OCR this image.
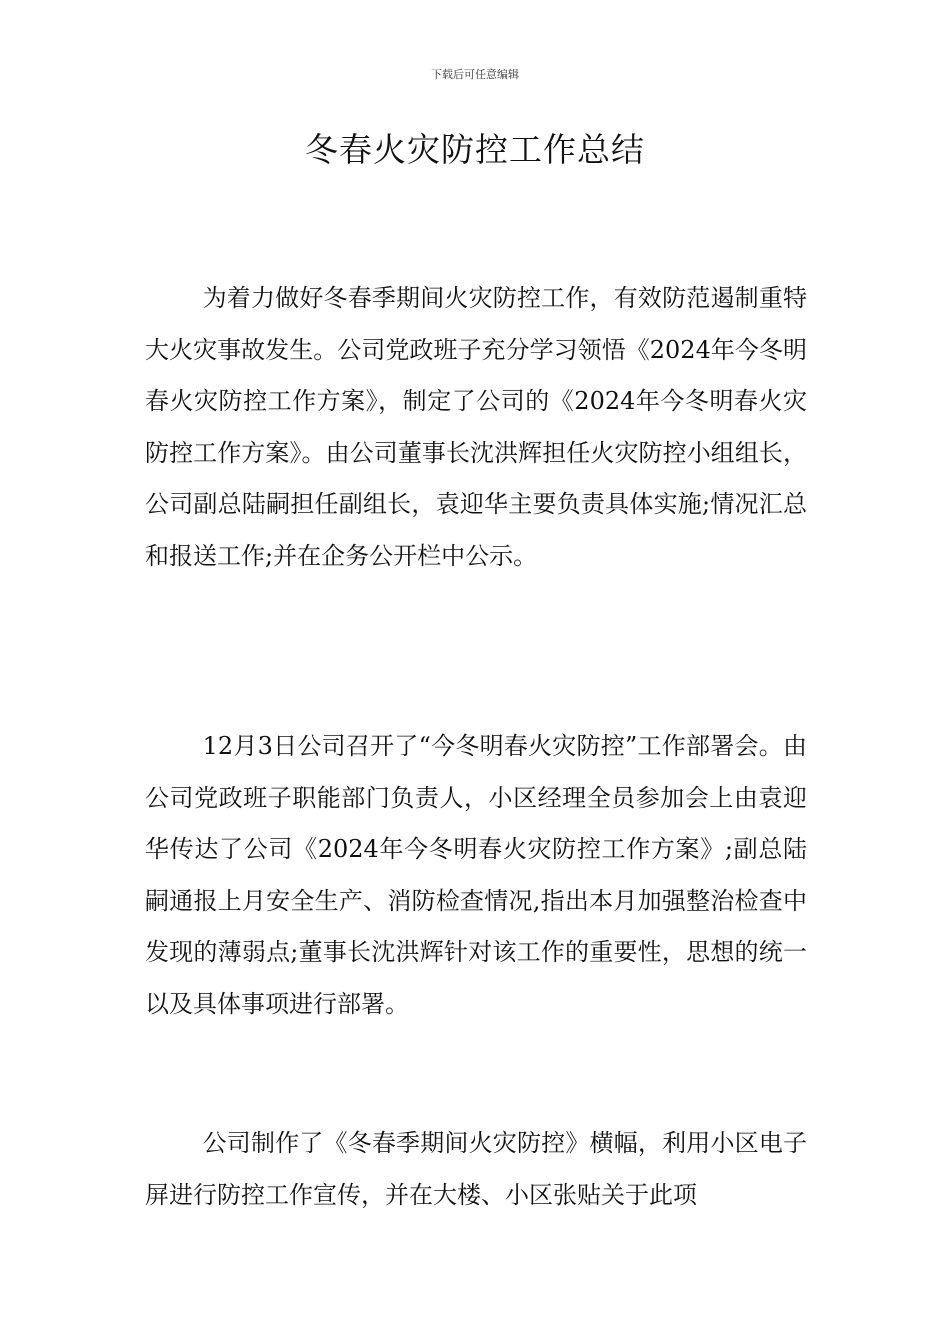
下载后可任意编辑
冬春火灾防控工作总结

为着力做好冬春季期间火灾防控工作，有效防范遏制重特大火灾事故发生。公司党政班子充分学习领悟《2024年今冬明春火灾防控工作方案》，制定了公司的《2024年今冬明春火灾防控工作方案》。由公司董事长沈洪辉担任火灾防控小组组长，公司副总陆嗣担任副组长，袁迎华主要负责具体实施;情况汇总和报送工作;并在企务公开栏中公示。

12月3日公司召开了“今冬明春火灾防控”工作部署会。由公司党政班子职能部门负责人，小区经理全员参加会上由袁迎华传达了公司《2024年今冬明春火灾防控工作方案》;副总陆嗣通报上月安全生产、消防检查情况,指出本月加强整治检查中发现的薄弱点;董事长沈洪辉针对该工作的重要性，思想的统一以及具体事项进行部署。

公司制作了《冬春季期间火灾防控》横幅，利用小区电子屏进行防控工作宣传，并在大楼、小区张贴关于此项
